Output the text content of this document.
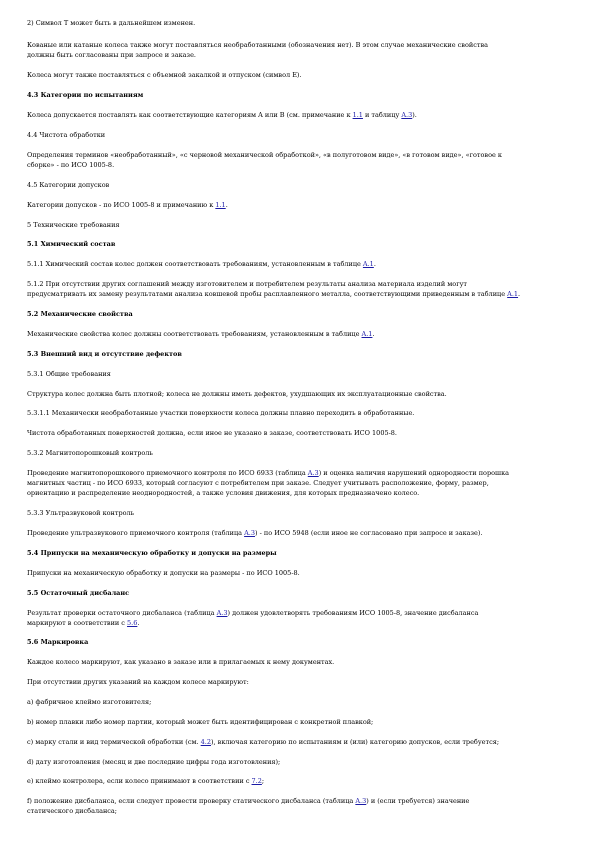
2) Символ T может быть в дальнейшем изменен.
Кованые или катаные колеса также могут поставляться необработанными (обозначения нет). В этом случае механические свойства
должны быть согласованы при запросе и заказе.
Колеса могут также поставляться с объемной закалкой и отпуском (символ E).
4.3 Категории по испытаниям
Колеса допускается поставлять как соответствующие категориям A или B (см. примечание к 1.1 и таблицу A.3).
4.4 Чистота обработки
Определения терминов «необработанный», «с черновой механической обработкой», «в полуготовом виде», «в готовом виде», «готовое к
сборке» - по ИСО 1005-8.
4.5 Категории допусков
Категории допусков - по ИСО 1005-8 и примечанию к 1.1.
5 Технические требования
5.1 Химический состав
5.1.1 Химический состав колес должен соответствовать требованиям, установленным в таблице A.1.
5.1.2 При отсутствии других соглашений между изготовителем и потребителем результаты анализа материала изделий могут
предусматривать их замену результатами анализа ковшевой пробы расплавленного металла, соответствующими приведенным в таблице A.1.
5.2 Механические свойства
Механические свойства колес должны соответствовать требованиям, установленным в таблице A.1.
5.3 Внешний вид и отсутствие дефектов
5.3.1 Общие требования
Структура колес должна быть плотной; колеса не должны иметь дефектов, ухудшающих их эксплуатационные свойства.
5.3.1.1 Механически необработанные участки поверхности колеса должны плавно переходить в обработанные.
Чистота обработанных поверхностей должна, если иное не указано в заказе, соответствовать ИСО 1005-8.
5.3.2 Магнитопорошковый контроль
Проведение магнитопорошкового приемочного контроля по ИСО 6933 (таблица A.3) и оценка наличия нарушений однородности порошка
магнитных частиц - по ИСО 6933, который согласуют с потребителем при заказе. Следует учитывать расположение, форму, размер,
ориентацию и распределение неоднородностей, а также условия движения, для которых предназначено колесо.
5.3.3 Ультразвуковой контроль
Проведение ультразвукового приемочного контроля (таблица A.3) - по ИСО 5948 (если иное не согласовано при запросе и заказе).
5.4 Припуски на механическую обработку и допуски на размеры
Припуски на механическую обработку и допуски на размеры - по ИСО 1005-8.
5.5 Остаточный дисбаланс
Результат проверки остаточного дисбаланса (таблица A.3) должен удовлетворять требованиям ИСО 1005-8, значение дисбаланса
маркируют в соответствии с 5.6.
5.6 Маркировка
Каждое колесо маркируют, как указано в заказе или в прилагаемых к нему документах.
При отсутствии других указаний на каждом колесе маркируют:
a) фабричное клеймо изготовителя;
b) номер плавки либо номер партии, который может быть идентифицирован с конкретной плавкой;
c) марку стали и вид термической обработки (см. 4.2), включая категорию по испытаниям и (или) категорию допусков, если требуется;
d) дату изготовления (месяц и две последние цифры года изготовления);
e) клеймо контролера, если колесо принимают в соответствии с 7.2;
f) положение дисбаланса, если следует провести проверку статического дисбаланса (таблица A.3) и (если требуется) значение
статического дисбаланса;
